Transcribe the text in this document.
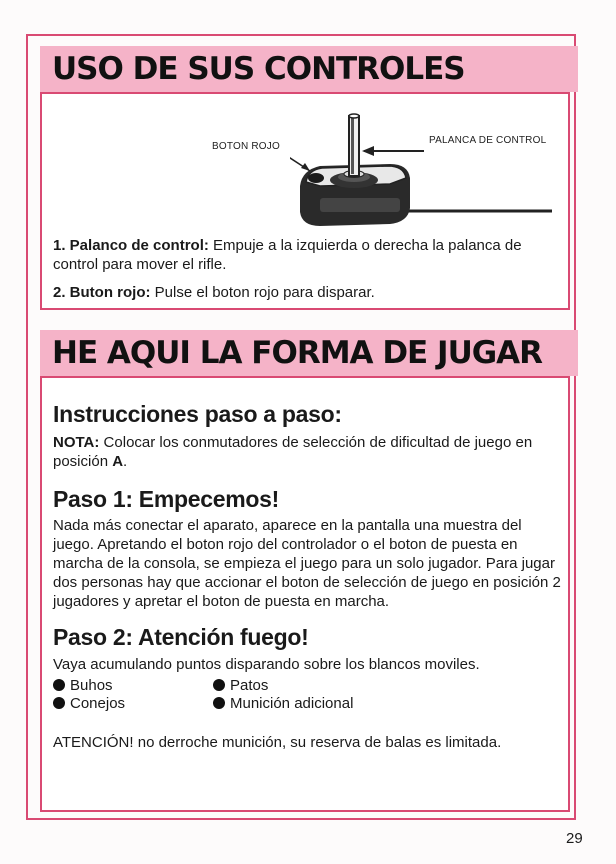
USO DE SUS CONTROLES
BOTON ROJO
PALANCA DE CONTROL
1. Palanco de control: Empuje a la izquierda o derecha la palanca de control para mover el rifle.
2. Buton rojo: Pulse el boton rojo para disparar.
HE AQUI LA FORMA DE JUGAR
Instrucciones paso a paso:
NOTA: Colocar los conmutadores de selección de dificultad de juego en posición A.
Paso 1: Empecemos!
Nada más conectar el aparato, aparece en la pantalla una muestra del juego. Apretando el boton rojo del controlador o el boton de puesta en marcha de la consola, se empieza el juego para un solo jugador. Para jugar dos personas hay que accionar el boton de selección de juego en posición 2 jugadores y apretar el boton de puesta en marcha.
Paso 2: Atención fuego!
Vaya acumulando puntos disparando sobre los blancos moviles.
Buhos	Patos
Conejos	Munición adicional
ATENCIÓN! no derroche munición, su reserva de balas es limitada.
29
